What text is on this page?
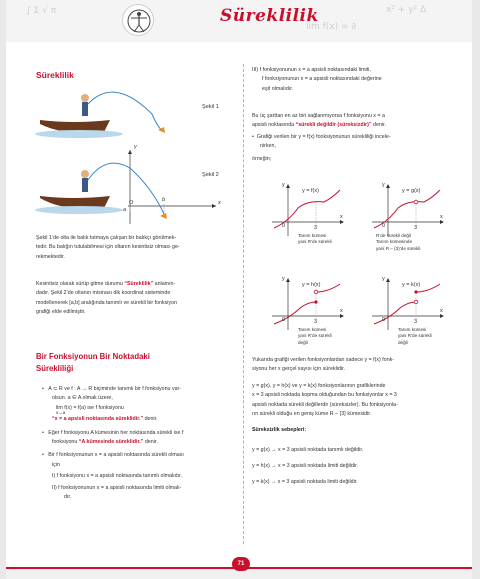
∫ Σ √ π
lim f(x) ∞ ∂
x² + y² Δ
Süreklilik
Süreklilik
Şekil 1
Şekil 2
y
x
a
O	b
Şekil 1’de olta ile balık tutmaya çalışan bir balıkçı görülmek-
tedir. Bu balığın tutulabilmesi için oltanın kesintisiz olması ge-
rekmektedir.
Kesintisiz olarak sürüp gitme durumu “Süreklilik” anlamın-
dadır. Şekil 2’de oltanın misinası dik koordinat sisteminde
modellenerek [a,b] aralığında tanımlı ve sürekli bir fonksiyon
grafiği elde edilmiştir.
Bir Fonksiyonun Bir Noktadaki
Sürekliliği
•   A ⊂ R ve f : A → R biçiminde tanımlı bir f fonksiyonu var-
olsun. a ∈ A olmak üzere,
lim f(x) = f(a) ise f fonksiyonu
x→a
“x = a apsisli noktasında süreklidir.” denir.
•   Eğer f fonksiyonu A kümesinin her noktasında sürekli ise f
fonksiyonu “A kümesinde süreklidir.” denir.
•   Bir f fonksiyonunun x = a apsisli noktasında sürekli olması
için
I) f fonksiyonu x = a apsisli noktasında tanımlı olmalıdır.
II) f fonksiyonunun x = a apsisli noktasında limiti olmalı-
dır.
III) f fonksiyonunun x = a apsisli noktasındaki limiti,
f fonksiyonunun x = a apsisli noktasındaki değerine
eşit olmalıdır.
Bu üç şarttan en az biri sağlanmıyorsa f fonksiyonu x = a
apsisli noktasında “sürekli değildir (süreksizdir)” denir.
•  Grafiği verilen bir y = f(x) fonksiyonunun sürekliliği incele-
nirken,
örneğin;
y = f(x)	y = g(x)
y = h(x)	y = k(x)
y	y
y	y
x	x
x	x
0	0
0	0
3	3
3	3
Tanım kümesi
yani R’de sürekli
R’de sürekli değil
Tanım kümesinde
yani R – {3}’de sürekli
Tanım kümesi
yani R’de sürekli
değil
Tanım kümesi
yani R’de sürekli
değil
Yukarıda grafiği verilen fonksiyonlardan sadece y = f(x) fonk-
siyonu her x gerçel sayısı için süreklidir.
y = g(x), y = h(x) ve y = k(x) fonksiyonlarının grafiklerinde
x = 3 apsisli noktada kopma olduğundan bu fonksiyonlar x = 3
apsisli noktada sürekli değillerdir (süreksizler). Bu fonksiyonla-
rın sürekli olduğu en geniş küme R – {3} kümesidir.
Süreksizlik sebepleri:
y = g(x) → x = 3 apsisli noktada tanımlı değildir.
y = h(x) → x = 3 apsisli noktada limiti değildir.
y = k(x) → x = 3 apsisli noktada limiti değildir.
71
